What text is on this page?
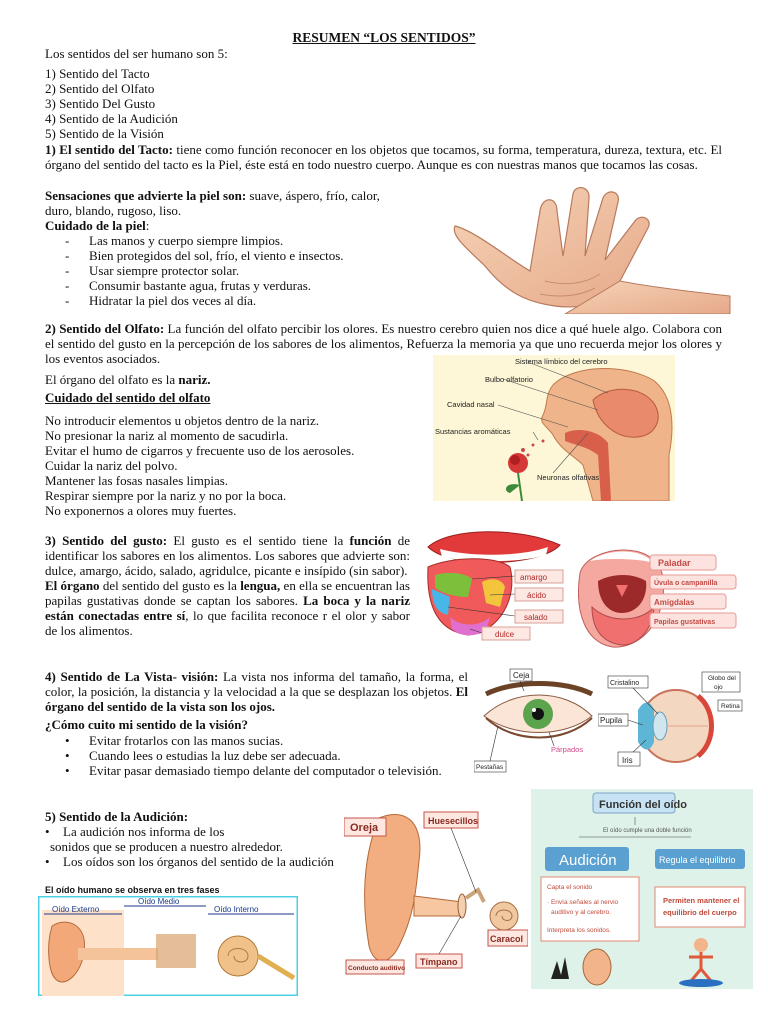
RESUMEN “LOS SENTIDOS”
Los sentidos del ser humano son 5:
1) Sentido del Tacto
2) Sentido del Olfato
3) Sentido Del Gusto
4) Sentido de la Audición
5) Sentido de la Visión
1) El sentido del Tacto: tiene como función reconocer en los objetos que tocamos, su forma, temperatura, dureza, textura, etc. El órgano del sentido del tacto es la Piel, éste está en todo nuestro cuerpo. Aunque es con nuestras manos que tocamos las cosas.
Sensaciones que advierte la piel son: suave, áspero, frío, calor,
duro, blando, rugoso, liso.
Cuidado de la piel:
- Las manos y cuerpo siempre limpios.
- Bien protegidos del sol, frío, el viento e insectos.
- Usar siempre protector solar.
- Consumir bastante agua, frutas y verduras.
- Hidratar la piel dos veces al día.
2) Sentido del Olfato: La función del olfato percibir los olores. Es nuestro cerebro quien nos dice a qué huele algo. Colabora con el sentido del gusto en la percepción de los sabores de los alimentos, Refuerza la memoria ya que uno recuerda mejor los olores y los eventos asociados.
El órgano del olfato es la nariz.
Cuidado del sentido del olfato
No introducir elementos u objetos dentro de la nariz.
No presionar la nariz al momento de sacudirla.
Evitar el humo de cigarros y frecuente uso de los aerosoles.
Cuidar la nariz del polvo.
Mantener las fosas nasales limpias.
Respirar siempre por la nariz y no por la boca.
No exponernos a olores muy fuertes.
Sistema límbico del cerebro
Bulbo olfatorio
Cavidad nasal
Sustancias aromáticas
Neuronas olfativas
3) Sentido del gusto: El gusto es el sentido tiene la función de identificar los sabores en los alimentos. Los sabores que advierte son: dulce, amargo, ácido, salado, agridulce, picante e insípido (sin sabor).
El órgano del sentido del gusto es la lengua, en ella se encuentran las papilas gustativas donde se captan los sabores. La boca y la nariz están conectadas entre sí, lo que facilita reconoce r el olor y sabor de los alimentos.
amargo
ácido
salado
dulce
Paladar
Úvula o campanilla
Amígdalas
Papilas gustativas
4) Sentido de La Vista- visión: La vista nos informa del tamaño, la forma, el color, la posición, la distancia y la velocidad a la que se desplazan los objetos. El órgano del sentido de la vista son los ojos.
¿Cómo cuito mi sentido de la visión?
• Evitar frotarlos con las manos sucias.
• Cuando lees o estudias la luz debe ser adecuada.
• Evitar pasar demasiado tiempo delante del computador o televisión.
Ceja
Párpados
Pestañas
Cristalino
Globo del
ojo
Retina
Pupila
Iris
5) Sentido de la Audición:
• La audición nos informa de los
sonidos que se producen a nuestro alrededor.
• Los oídos son los órganos del sentido de la audición
El oído humano se observa en tres fases
Oído Externo
Oído Medio
Oído Interno
Oreja
Huesecillos
Caracol
Conducto auditivo
Tímpano
Función del oído
El oído cumple una doble función
Audición	Regula el equilibrio
Capta el sonido
· Envía señales al nervio
auditivo y al cerebro.
Interpreta los sonidos.
Permiten mantener el
equilibrio del cuerpo
